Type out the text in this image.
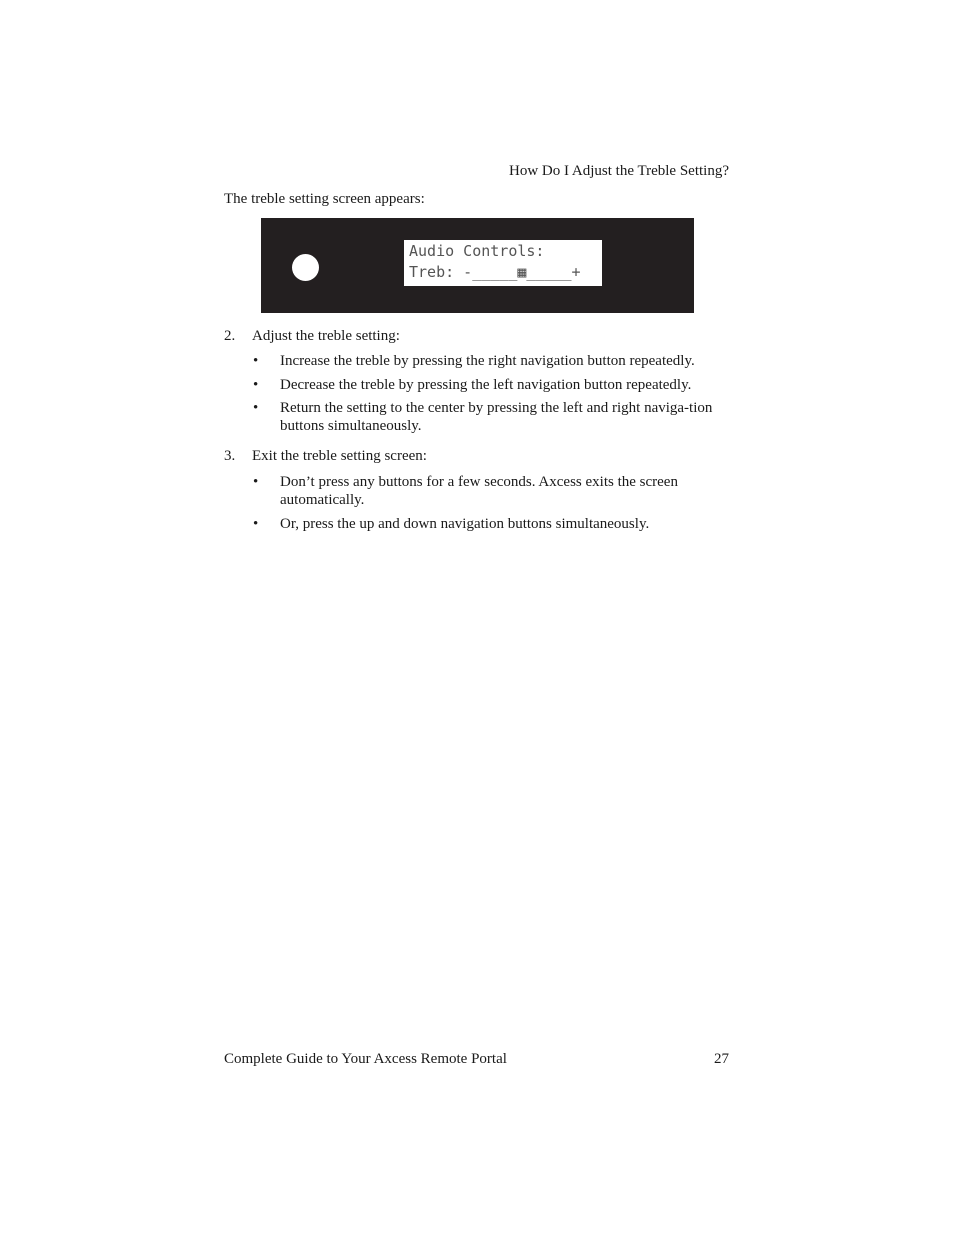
How Do I Adjust the Treble Setting?
The treble setting screen appears:
Audio Controls:
Treb: -_____▦_____+
2. Adjust the treble setting:
• Increase the treble by pressing the right navigation button repeatedly.
• Decrease the treble by pressing the left navigation button repeatedly.
• Return the setting to the center by pressing the left and right naviga-tion buttons simultaneously.
3. Exit the treble setting screen:
• Don’t press any buttons for a few seconds. Axcess exits the screen automatically.
• Or, press the up and down navigation buttons simultaneously.
Complete Guide to Your Axcess Remote Portal	27
